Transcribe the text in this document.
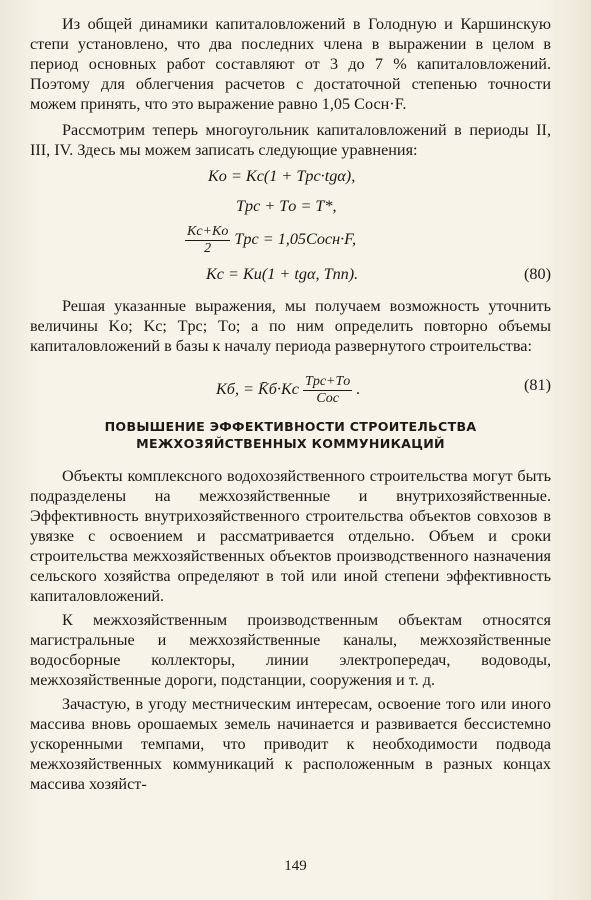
Из общей динамики капиталовложений в Голодную и Каршинскую степи установлено, что два последних члена в выражении в целом в период основных работ составляют от 3 до 7 % капиталовложений. Поэтому для облегчения расчетов с достаточной степенью точности можем принять, что это выражение равно 1,05 Cосн·F.

Рассмотрим теперь многоугольник капиталовложений в периоды II, III, IV. Здесь мы можем записать следующие уравнения:

Kо = Kс(1 + Tрс·tgα),
Tрс + Tо = T*,
$\frac{Kс+Kо}{2}$ Tрс = 1,05Cосн·F,
Kс = Kи(1 + tgα, Tпп).	(80)

Решая указанные выражения, мы получаем возможность уточнить величины Kо; Kс; Tрс; Tо; а по ним определить повторно объемы капиталовложений в базы к началу периода развернутого строительства:

Kб, = K̄б·Kс $\frac{\text{Tрс+Tо}}{\text{Cос}}$ .	(81)
ПОВЫШЕНИЕ ЭФФЕКТИВНОСТИ СТРОИТЕЛЬСТВА
МЕЖХОЗЯЙСТВЕННЫХ КОММУНИКАЦИЙ

Объекты комплексного водохозяйственного строительства могут быть подразделены на межхозяйственные и внутрихозяйственные. Эффективность внутрихозяйственного строительства объектов совхозов в увязке с освоением и рассматривается отдельно. Объем и сроки строительства межхозяйственных объектов производственного назначения сельского хозяйства определяют в той или иной степени эффективность капиталовложений.

К межхозяйственным производственным объектам относятся магистральные и межхозяйственные каналы, межхозяйственные водосборные коллекторы, линии электропередач, водоводы, межхозяйственные дороги, подстанции, сооружения и т. д.

Зачастую, в угоду местническим интересам, освоение того или иного массива вновь орошаемых земель начинается и развивается бессистемно ускоренными темпами, что приводит к необходимости подвода межхозяйственных коммуникаций к расположенным в разных концах массива хозяйст-

149
